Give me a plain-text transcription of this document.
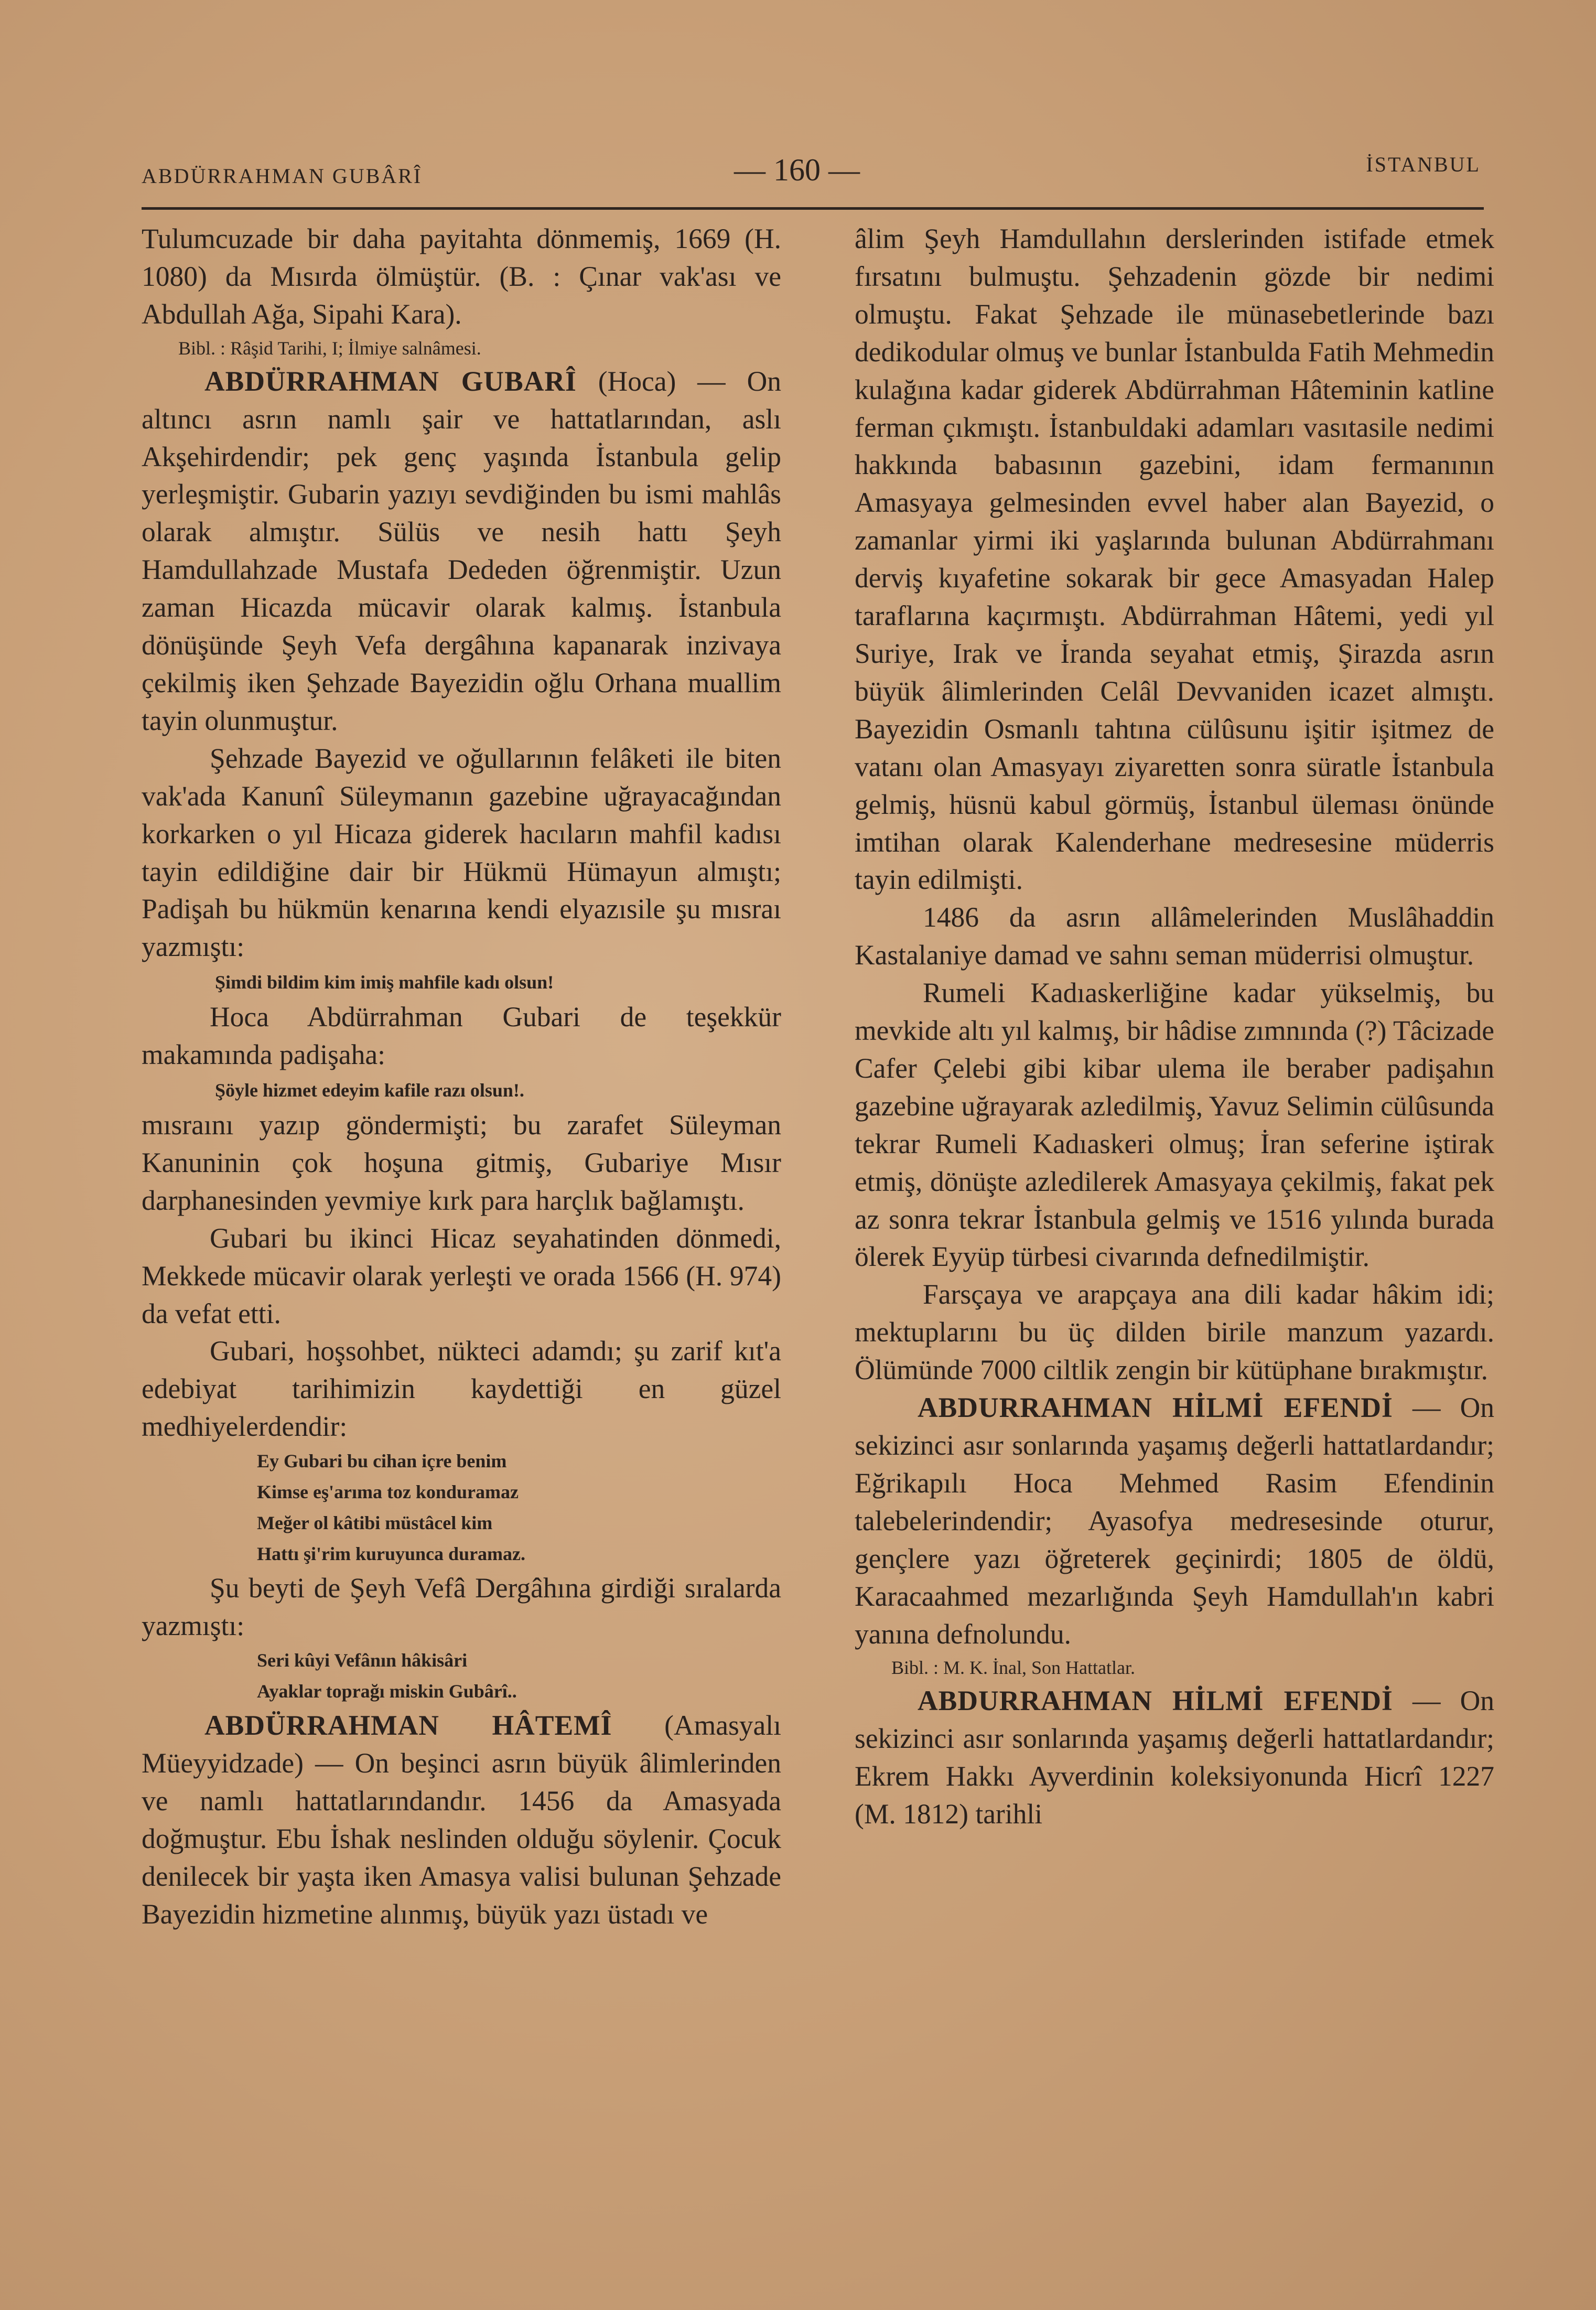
ABDÜRRAHMAN GUBÂRÎ	— 160 —	İSTANBUL

Tulumcuzade bir daha payitahta dönmemiş, 1669 (H. 1080) da Mısırda ölmüştür. (B. : Çınar vak'ası ve Abdullah Ağa, Sipahi Kara).

Bibl. : Râşid Tarihi, I; İlmiye salnâmesi.

ABDÜRRAHMAN GUBARÎ (Hoca) — On altıncı asrın namlı şair ve hattatlarından, aslı Akşehirdendir; pek genç yaşında İstanbula gelip yerleşmiştir. Gubarin yazıyı sevdiğinden bu ismi mahlâs olarak almıştır. Sülüs ve nesih hattı Şeyh Hamdullahzade Mustafa Dededen öğrenmiştir. Uzun zaman Hicazda mücavir olarak kalmış. İstanbula dönüşünde Şeyh Vefa dergâhına kapanarak inzivaya çekilmiş iken Şehzade Bayezidin oğlu Orhana muallim tayin olunmuştur.

Şehzade Bayezid ve oğullarının felâketi ile biten vak'ada Kanunî Süleymanın gazebine uğrayacağından korkarken o yıl Hicaza giderek hacıların mahfil kadısı tayin edildiğine dair bir Hükmü Hümayun almıştı; Padişah bu hükmün kenarına kendi elyazısile şu mısraı yazmıştı:

Şimdi bildim kim imiş mahfile kadı olsun!

Hoca Abdürrahman Gubari de teşekkür makamında padişaha:

Şöyle hizmet edeyim kafile razı olsun!.

mısraını yazıp göndermişti; bu zarafet Süleyman Kanuninin çok hoşuna gitmiş, Gubariye Mısır darphanesinden yevmiye kırk para harçlık bağlamıştı.

Gubari bu ikinci Hicaz seyahatinden dönmedi, Mekkede mücavir olarak yerleşti ve orada 1566 (H. 974) da vefat etti.

Gubari, hoşsohbet, nükteci adamdı; şu zarif kıt'a edebiyat tarihimizin kaydettiği en güzel medhiyelerdendir:

Ey Gubari bu cihan içre benim

Kimse eş'arıma toz konduramaz

Meğer ol kâtibi müstâcel kim

Hattı şi'rim kuruyunca duramaz.

Şu beyti de Şeyh Vefâ Dergâhına girdiği sıralarda yazmıştı:

Seri kûyi Vefânın hâkisâri

Ayaklar toprağı miskin Gubârî..

ABDÜRRAHMAN HÂTEMÎ (Amasyalı Müeyyidzade) — On beşinci asrın büyük âlimlerinden ve namlı hattatlarındandır. 1456 da Amasyada doğmuştur. Ebu İshak neslinden olduğu söylenir. Çocuk denilecek bir yaşta iken Amasya valisi bulunan Şehzade Bayezidin hizmetine alınmış, büyük yazı üstadı ve

âlim Şeyh Hamdullahın derslerinden istifade etmek fırsatını bulmuştu. Şehzadenin gözde bir nedimi olmuştu. Fakat Şehzade ile münasebetlerinde bazı dedikodular olmuş ve bunlar İstanbulda Fatih Mehmedin kulağına kadar giderek Abdürrahman Hâteminin katline ferman çıkmıştı. İstanbuldaki adamları vasıtasile nedimi hakkında babasının gazebini, idam fermanının Amasyaya gelmesinden evvel haber alan Bayezid, o zamanlar yirmi iki yaşlarında bulunan Abdürrahmanı derviş kıyafetine sokarak bir gece Amasyadan Halep taraflarına kaçırmıştı. Abdürrahman Hâtemi, yedi yıl Suriye, Irak ve İranda seyahat etmiş, Şirazda asrın büyük âlimlerinden Celâl Devvaniden icazet almıştı. Bayezidin Osmanlı tahtına cülûsunu işitir işitmez de vatanı olan Amasyayı ziyaretten sonra süratle İstanbula gelmiş, hüsnü kabul görmüş, İstanbul üleması önünde imtihan olarak Kalenderhane medresesine müderris tayin edilmişti.

1486 da asrın allâmelerinden Muslâhaddin Kastalaniye damad ve sahnı seman müderrisi olmuştur.

Rumeli Kadıaskerliğine kadar yükselmiş, bu mevkide altı yıl kalmış, bir hâdise zımnında (?) Tâcizade Cafer Çelebi gibi kibar ulema ile beraber padişahın gazebine uğrayarak azledilmiş, Yavuz Selimin cülûsunda tekrar Rumeli Kadıaskeri olmuş; İran seferine iştirak etmiş, dönüşte azledilerek Amasyaya çekilmiş, fakat pek az sonra tekrar İstanbula gelmiş ve 1516 yılında burada ölerek Eyyüp türbesi civarında defnedilmiştir.

Farsçaya ve arapçaya ana dili kadar hâkim idi; mektuplarını bu üç dilden birile manzum yazardı. Ölümünde 7000 ciltlik zengin bir kütüphane bırakmıştır.

ABDURRAHMAN HİLMİ EFENDİ — On sekizinci asır sonlarında yaşamış değerli hattatlardandır; Eğrikapılı Hoca Mehmed Rasim Efendinin talebelerindendir; Ayasofya medresesinde oturur, gençlere yazı öğreterek geçinirdi; 1805 de öldü, Karacaahmed mezarlığında Şeyh Hamdullah'ın kabri yanına defnolundu.

Bibl. : M. K. İnal, Son Hattatlar.

ABDURRAHMAN HİLMİ EFENDİ — On sekizinci asır sonlarında yaşamış değerli hattatlardandır; Ekrem Hakkı Ayverdinin koleksiyonunda Hicrî 1227 (M. 1812) tarihli
